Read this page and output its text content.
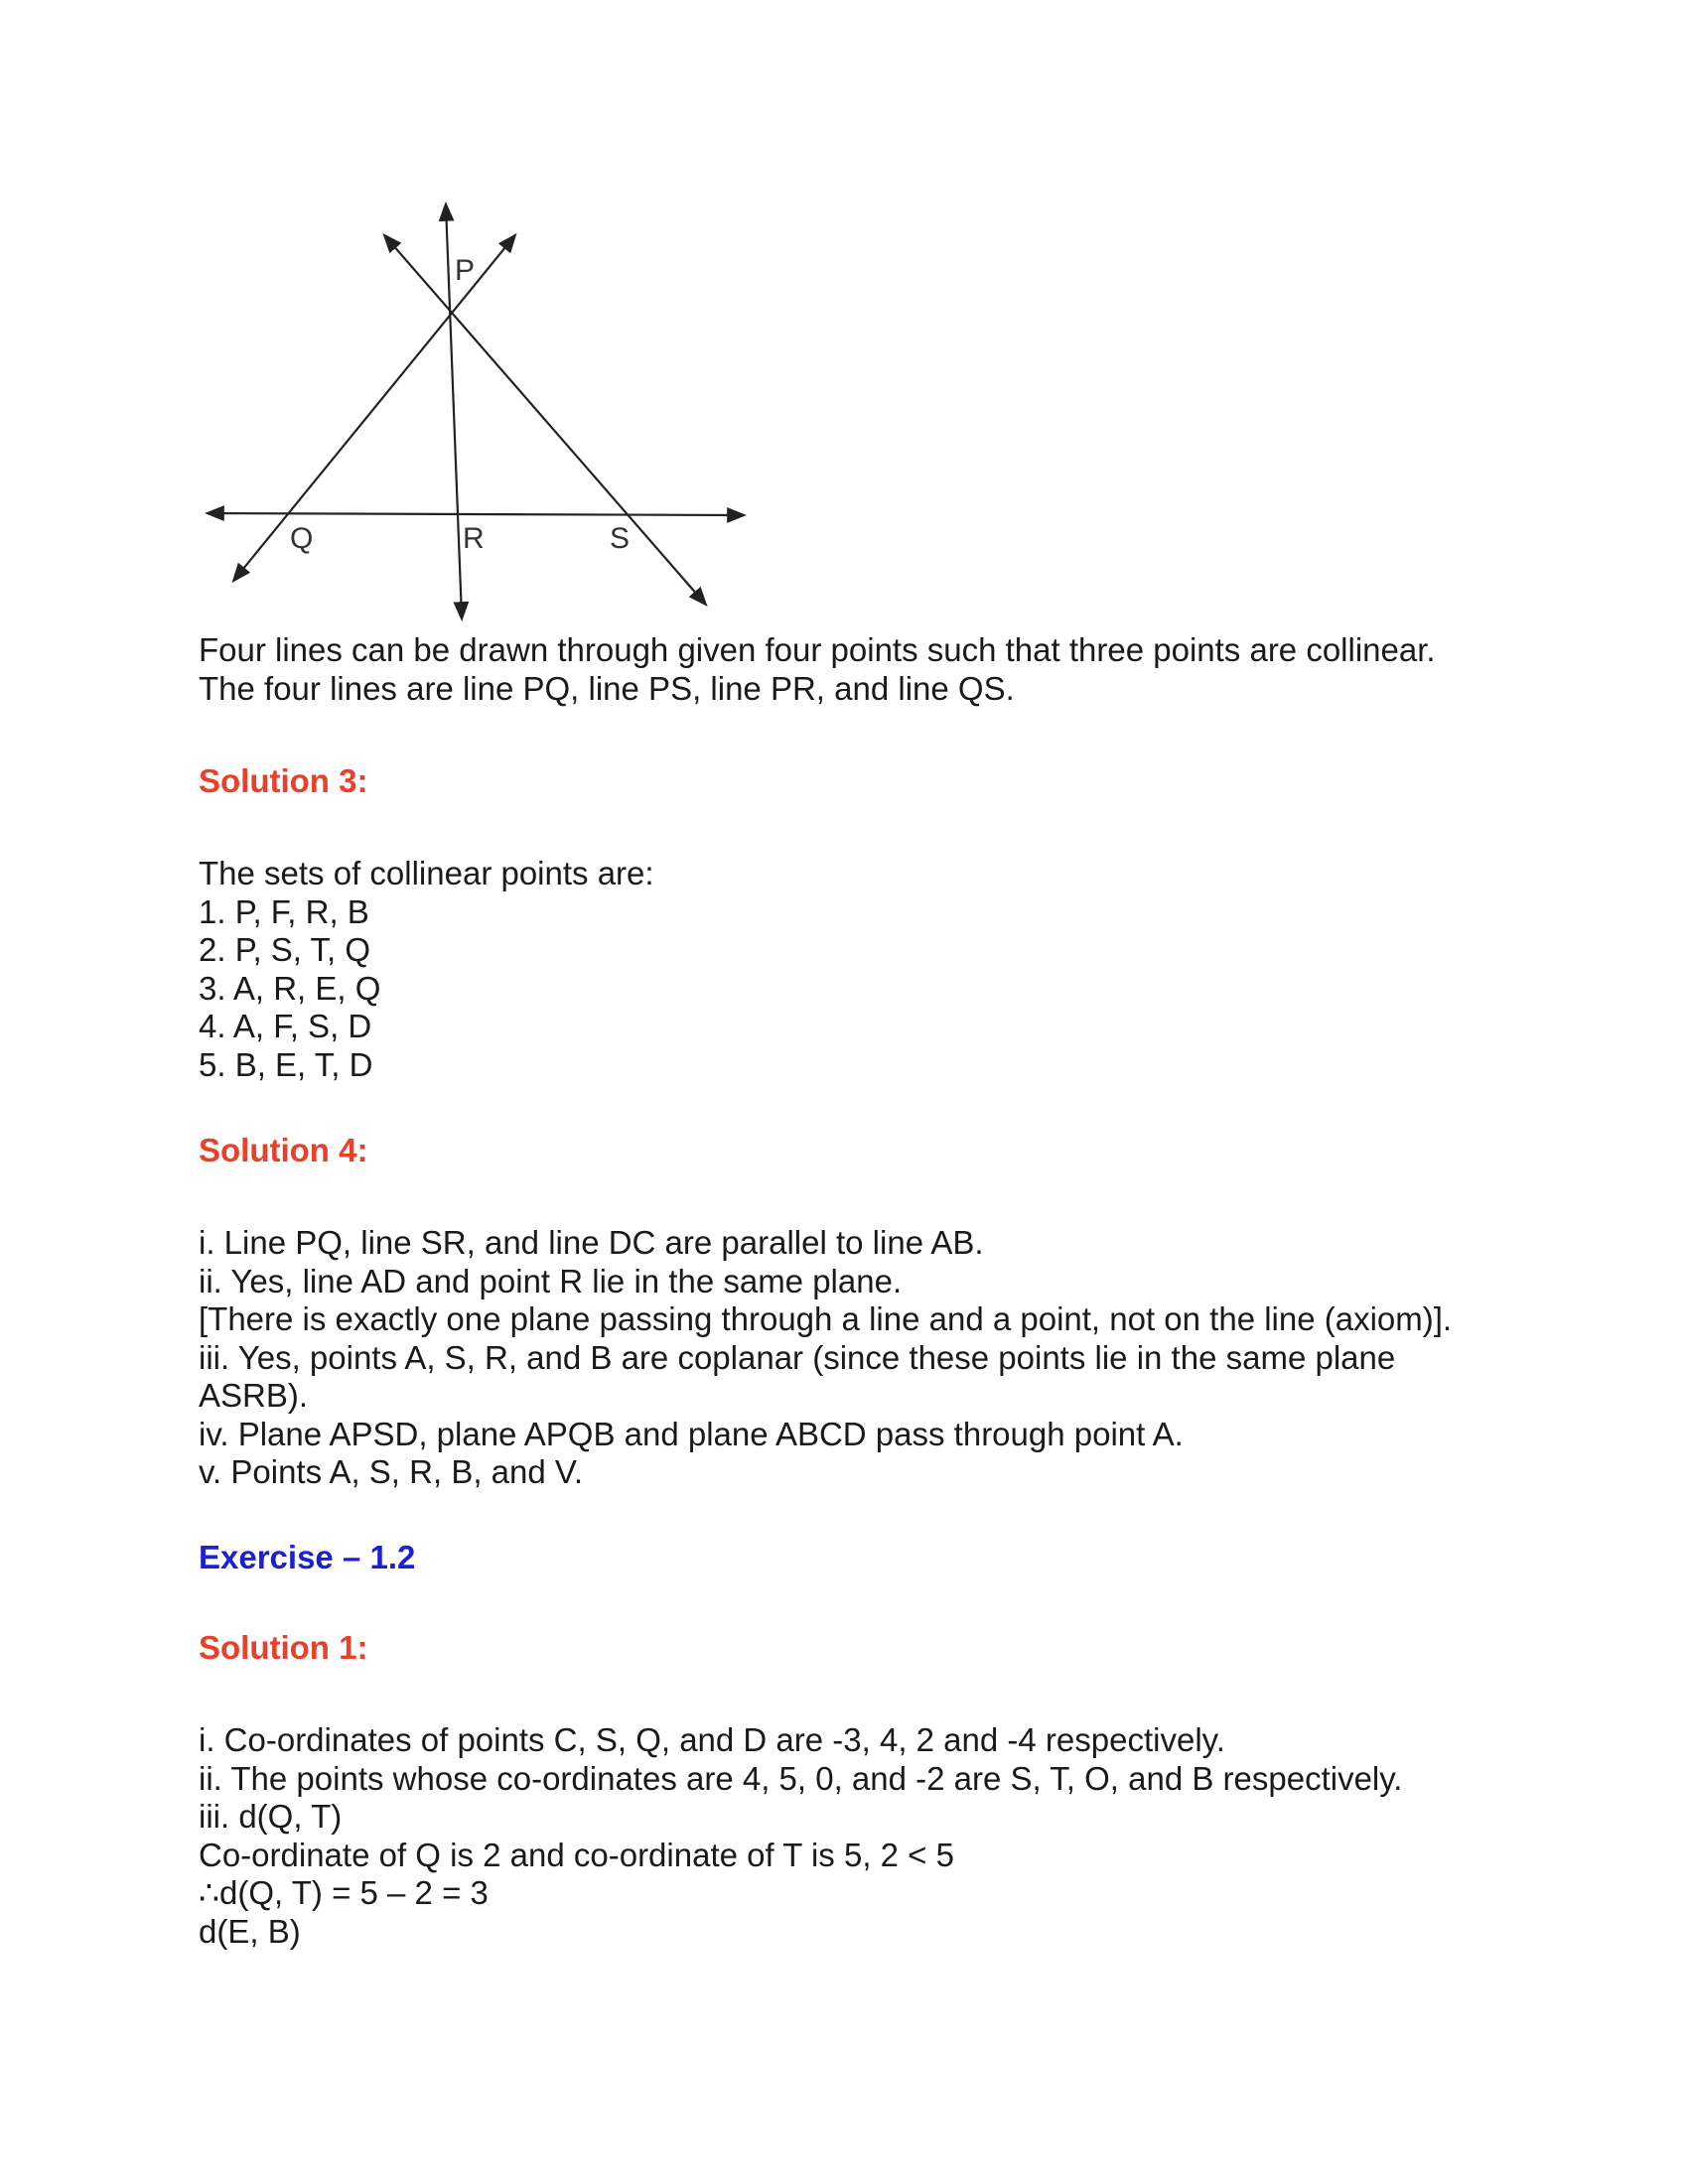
P
Q	R	S

Four lines can be drawn through given four points such that three points are collinear.

The four lines are line PQ, line PS, line PR, and line QS.

Solution 3:

The sets of collinear points are:

1. P, F, R, B

2. P, S, T, Q

3. A, R, E, Q

4. A, F, S, D

5. B, E, T, D

Solution 4:

i. Line PQ, line SR, and line DC are parallel to line AB.

ii. Yes, line AD and point R lie in the same plane.

[There is exactly one plane passing through a line and a point, not on the line (axiom)].

iii. Yes, points A, S, R, and B are coplanar (since these points lie in the same plane

ASRB).

iv. Plane APSD, plane APQB and plane ABCD pass through point A.

v. Points A, S, R, B, and V.

Exercise – 1.2
Solution 1:

i. Co-ordinates of points C, S, Q, and D are -3, 4, 2 and -4 respectively.

ii. The points whose co-ordinates are 4, 5, 0, and -2 are S, T, O, and B respectively.

iii. d(Q, T)

Co-ordinate of Q is 2 and co-ordinate of T is 5, 2 < 5

∴d(Q, T) = 5 – 2 = 3

d(E, B)
